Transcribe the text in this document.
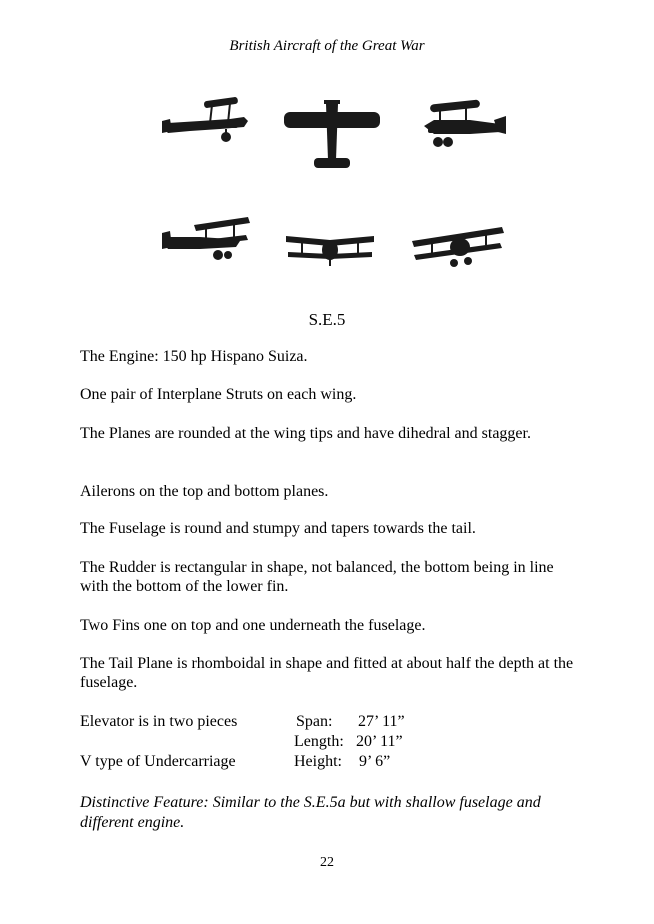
British Aircraft of the Great War
S.E.5

The Engine: 150 hp Hispano Suiza.

One pair of Interplane Struts on each wing.

The Planes are rounded at the wing tips and have dihedral and stagger.

Ailerons on the top and bottom planes.

The Fuselage is round and stumpy and tapers towards the tail.

The Rudder is rectangular in shape, not balanced, the bottom being in line with the bottom of the lower fin.

Two Fins one on top and one underneath the fuselage.

The Tail Plane is rhomboidal in shape and fitted at about half the depth at the fuselage.

Elevator is in two pieces
V type of Undercarriage
Span: 27’ 11”
Length: 20’ 11”
Height: 9’ 6”

Distinctive Feature: Similar to the S.E.5a but with shallow fuselage and different engine.

22
